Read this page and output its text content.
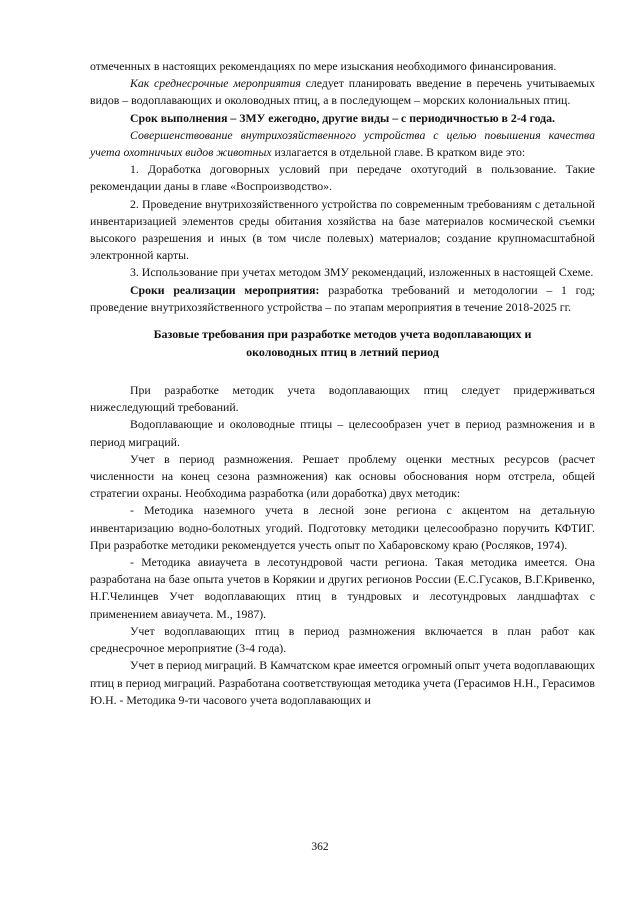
отмеченных в настоящих рекомендациях по мере изыскания необходимого финансирования.

Как среднесрочные мероприятия следует планировать введение в перечень учитываемых видов – водоплавающих и околоводных птиц, а в последующем – морских колониальных птиц.

Срок выполнения – ЗМУ ежегодно, другие виды – с периодичностью в 2-4 года.

Совершенствование внутрихозяйственного устройства с целью повышения качества учета охотничьих видов животных излагается в отдельной главе. В кратком виде это:

1. Доработка договорных условий при передаче охотугодий в пользование. Такие рекомендации даны в главе «Воспроизводство».

2. Проведение внутрихозяйственного устройства по современным требованиям с детальной инвентаризацией элементов среды обитания хозяйства на базе материалов космической съемки высокого разрешения и иных (в том числе полевых) материалов; создание крупномасштабной электронной карты.

3. Использование при учетах методом ЗМУ рекомендаций, изложенных в настоящей Схеме.

Сроки реализации мероприятия: разработка требований и методологии – 1 год; проведение внутрихозяйственного устройства – по этапам мероприятия в течение 2018-2025 гг.

Базовые требования при разработке методов учета водоплавающих и
околоводных птиц в летний период

При разработке методик учета водоплавающих птиц следует придерживаться нижеследующий требований.

Водоплавающие и околоводные птицы – целесообразен учет в период размножения и в период миграций.

Учет в период размножения. Решает проблему оценки местных ресурсов (расчет численности на конец сезона размножения) как основы обоснования норм отстрела, общей стратегии охраны. Необходима разработка (или доработка) двух методик:

- Методика наземного учета в лесной зоне региона с акцентом на детальную инвентаризацию водно-болотных угодий. Подготовку методики целесообразно поручить КФТИГ. При разработке методики рекомендуется учесть опыт по Хабаровскому краю (Росляков, 1974).

- Методика авиаучета в лесотундровой части региона. Такая методика имеется. Она разработана на базе опыта учетов в Корякии и других регионов России (Е.С.Гусаков, В.Г.Кривенко, Н.Г.Челинцев Учет водоплавающих птиц в тундровых и лесотундровых ландшафтах с применением авиаучета. М., 1987).

Учет водоплавающих птиц в период размножения включается в план работ как среднесрочное мероприятие (3-4 года).

Учет в период миграций. В Камчатском крае имеется огромный опыт учета водоплавающих птиц в период миграций. Разработана соответствующая методика учета (Герасимов Н.Н., Герасимов Ю.Н. - Методика 9-ти часового учета водоплавающих и

362
